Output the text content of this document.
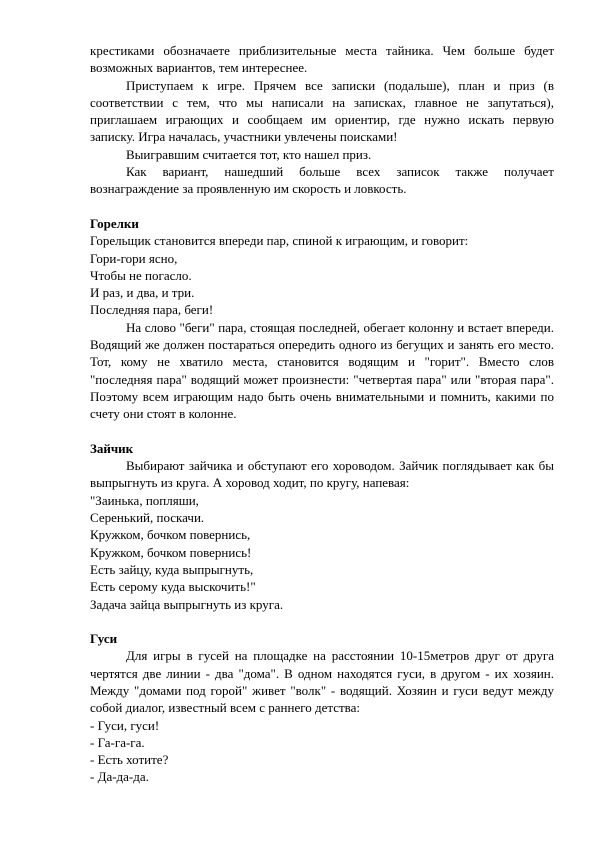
крестиками обозначаете приблизительные места тайника. Чем больше будет возможных вариантов, тем интереснее.

Приступаем к игре. Прячем все записки (подальше), план и приз (в соответствии с тем, что мы написали на записках, главное не запутаться), приглашаем играющих и сообщаем им ориентир, где нужно искать первую записку. Игра началась, участники увлечены поисками!

Выигравшим считается тот, кто нашел приз.

Как вариант, нашедший больше всех записок также получает вознаграждение за проявленную им скорость и ловкость.

Горелки

Горельщик становится впереди пар, спиной к играющим, и говорит:

Гори-гори ясно,

Чтобы не погасло.

И раз, и два, и три.

Последняя пара, беги!

На слово "беги" пара, стоящая последней, обегает колонну и встает впереди. Водящий же должен постараться опередить одного из бегущих и занять его место. Тот, кому не хватило места, становится водящим и "горит". Вместо слов "последняя пара" водящий может произнести: "четвертая пара" или "вторая пара". Поэтому всем играющим надо быть очень внимательными и помнить, какими по счету они стоят в колонне.

Зайчик

Выбирают зайчика и обступают его хороводом. Зайчик поглядывает как бы выпрыгнуть из круга. А хоровод ходит, по кругу, напевая:

"Заинька, попляши,

Серенький, поскачи.

Кружком, бочком повернись,

Кружком, бочком повернись!

Есть зайцу, куда выпрыгнуть,

Есть серому куда выскочить!"

Задача зайца выпрыгнуть из круга.

Гуси

Для игры в гусей на площадке на расстоянии 10-15метров друг от друга чертятся две линии - два "дома". В одном находятся гуси, в другом - их хозяин. Между "домами под горой" живет "волк" - водящий. Хозяин и гуси ведут между собой диалог, известный всем с раннего детства:

- Гуси, гуси!

- Га-га-га.

- Есть хотите?

- Да-да-да.
